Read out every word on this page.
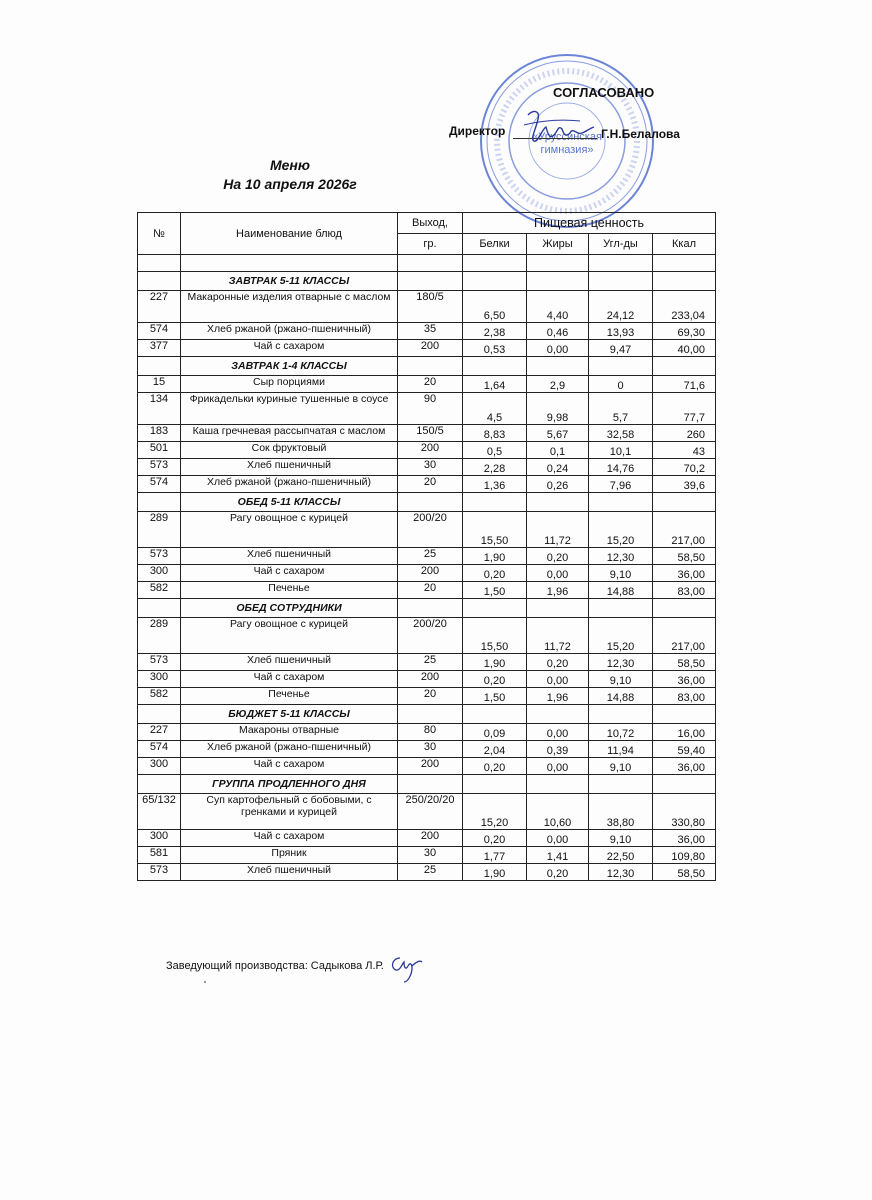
«Уруссинская
гимназия»
СОГЛАСОВАНО
Директор	Г.Н.Белалова
Меню
На 10 апреля 2026г
№	Наименование блюд	Выход,	Пищевая ценность			
		гр.	Белки	Жиры	Угл-ды	Ккал

	ЗАВТРАК 5-11 КЛАССЫ					
227	Макаронные изделия отварные с маслом	180/5	6,50	4,40	24,12	233,04
574	Хлеб ржаной (ржано-пшеничный)	35	2,38	0,46	13,93	69,30
377	Чай с сахаром	200	0,53	0,00	9,47	40,00
	ЗАВТРАК 1-4 КЛАССЫ					
15	Сыр порциями	20	1,64	2,9	0	71,6
134	Фрикадельки куриные тушенные в соусе	90	4,5	9,98	5,7	77,7
183	Каша гречневая рассыпчатая с маслом	150/5	8,83	5,67	32,58	260
501	Сок фруктовый	200	0,5	0,1	10,1	43
573	Хлеб пшеничный	30	2,28	0,24	14,76	70,2
574	Хлеб ржаной (ржано-пшеничный)	20	1,36	0,26	7,96	39,6
	ОБЕД 5-11 КЛАССЫ					
289	Рагу овощное с курицей	200/20	15,50	11,72	15,20	217,00
573	Хлеб пшеничный	25	1,90	0,20	12,30	58,50
300	Чай с сахаром	200	0,20	0,00	9,10	36,00
582	Печенье	20	1,50	1,96	14,88	83,00
	ОБЕД СОТРУДНИКИ					
289	Рагу овощное с курицей	200/20	15,50	11,72	15,20	217,00
573	Хлеб пшеничный	25	1,90	0,20	12,30	58,50
300	Чай с сахаром	200	0,20	0,00	9,10	36,00
582	Печенье	20	1,50	1,96	14,88	83,00
	БЮДЖЕТ 5-11 КЛАССЫ					
227	Макароны отварные	80	0,09	0,00	10,72	16,00
574	Хлеб ржаной (ржано-пшеничный)	30	2,04	0,39	11,94	59,40
300	Чай с сахаром	200	0,20	0,00	9,10	36,00
	ГРУППА ПРОДЛЕННОГО ДНЯ					
65/132	Суп картофельный с бобовыми, с гренками и курицей	250/20/20	15,20	10,60	38,80	330,80
300	Чай с сахаром	200	0,20	0,00	9,10	36,00
581	Пряник	30	1,77	1,41	22,50	109,80
573	Хлеб пшеничный	25	1,90	0,20	12,30	58,50
Заведующий производства: Садыкова Л.Р.
